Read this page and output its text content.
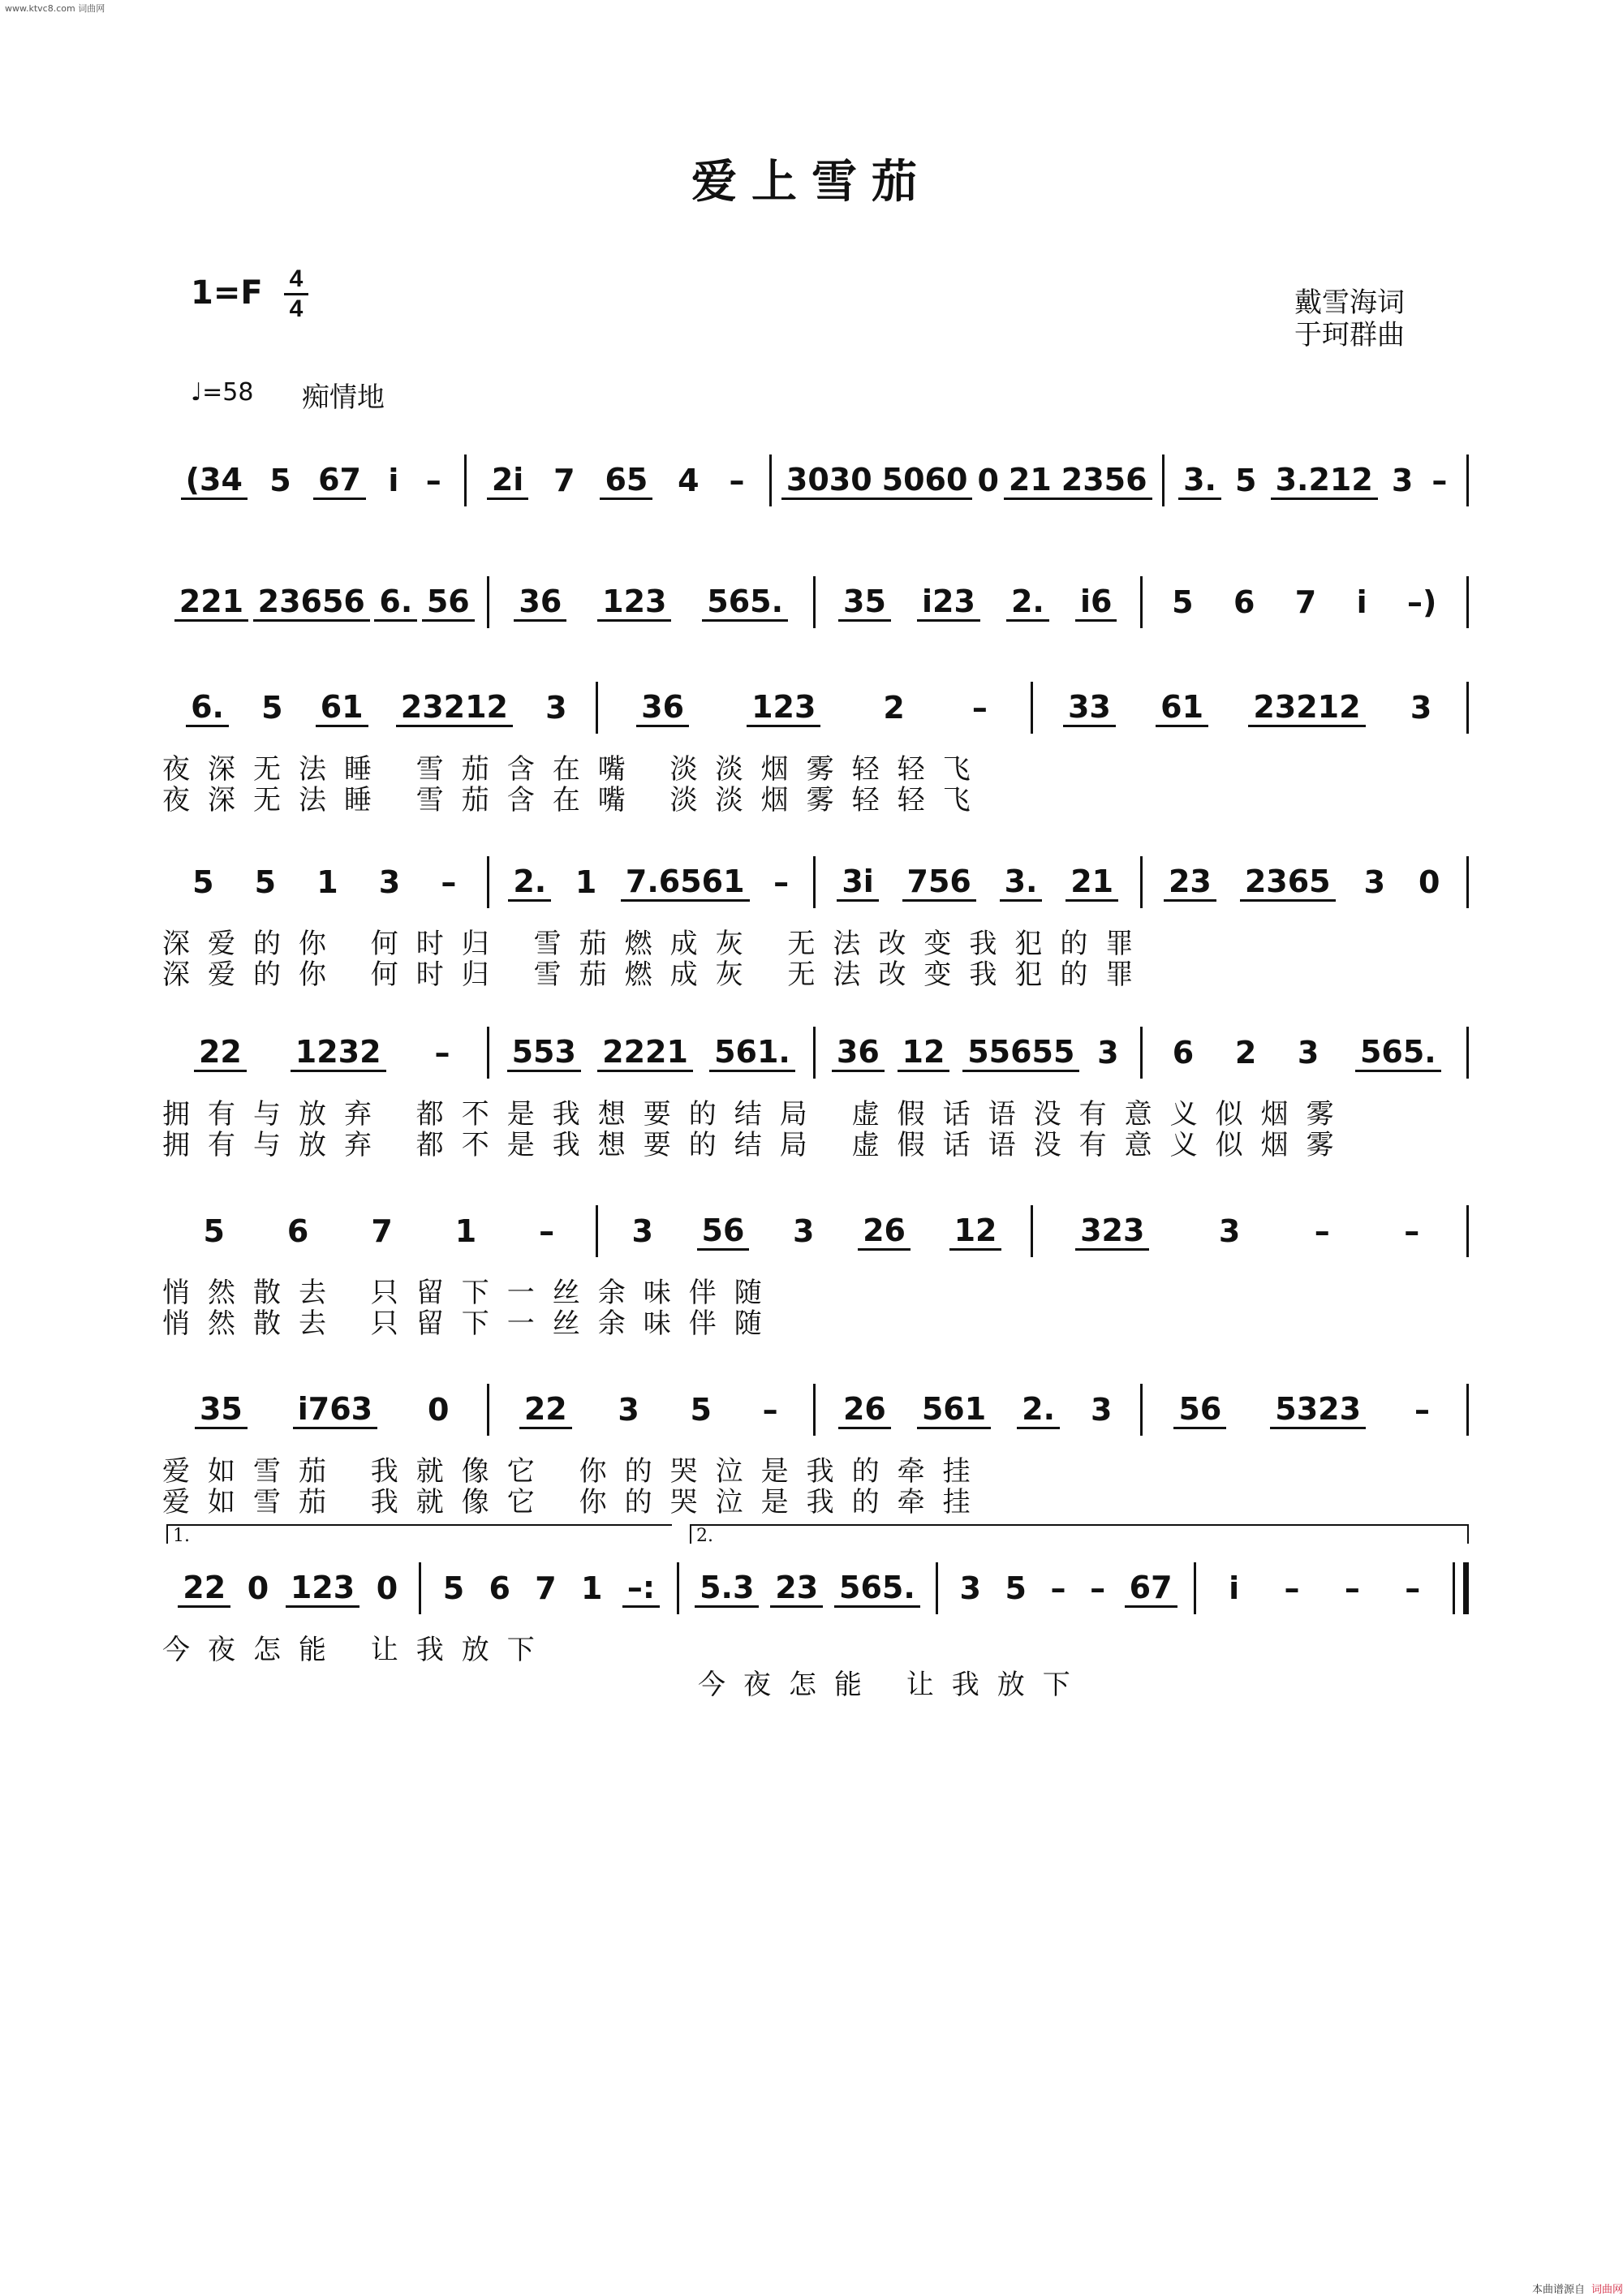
www.ktvc8.com 词曲网
爱上雪茄
1=F 4
4	戴雪海词
于珂群曲
♩=58 痴情地
(34 5 67 i – 2i 7 65 4 – 3030 5060 0 21 2356 3. 5 3.212 3 –
221 23656 6. 56 36 123 565. 35 i23 2. i6 5 6 7 i –)
6. 5 61 23212 3 36 123 2 –	33 61 23212 3
5 5 1 3 – 2. 1 7.6561 – 3i 756 3. 21 23 2365 3 0
22 1232 – 553 2221 561. 36 12 55655 3 6 2 3 565.
5 6 7 1 –	3 56 3 26 12	323 3 – –
35 i763 0 22 3 5 – 26 561 2. 3 56 5323 –
22 0 123 0 5 6 7 1 –: 5.3 23 565. 3 5 – – 67 i – – –
1.	2.
夜深无法睡 雪茄含在嘴 淡淡烟雾轻轻飞
夜深无法睡 雪茄含在嘴 淡淡烟雾轻轻飞
深爱的你 何时归 雪茄燃成灰 无法改变我犯的罪
深爱的你 何时归 雪茄燃成灰 无法改变我犯的罪
拥有与放弃 都不是我想要的结局 虚假话语没有意义似烟雾
拥有与放弃 都不是我想要的结局 虚假话语没有意义似烟雾
悄然散去 只留下一丝余味伴随
悄然散去 只留下一丝余味伴随
爱如雪茄 我就像它 你的哭泣是我的牵挂
爱如雪茄 我就像它 你的哭泣是我的牵挂
今夜怎能 让我放下
今夜怎能 让我放下
本曲谱源自 词曲网
